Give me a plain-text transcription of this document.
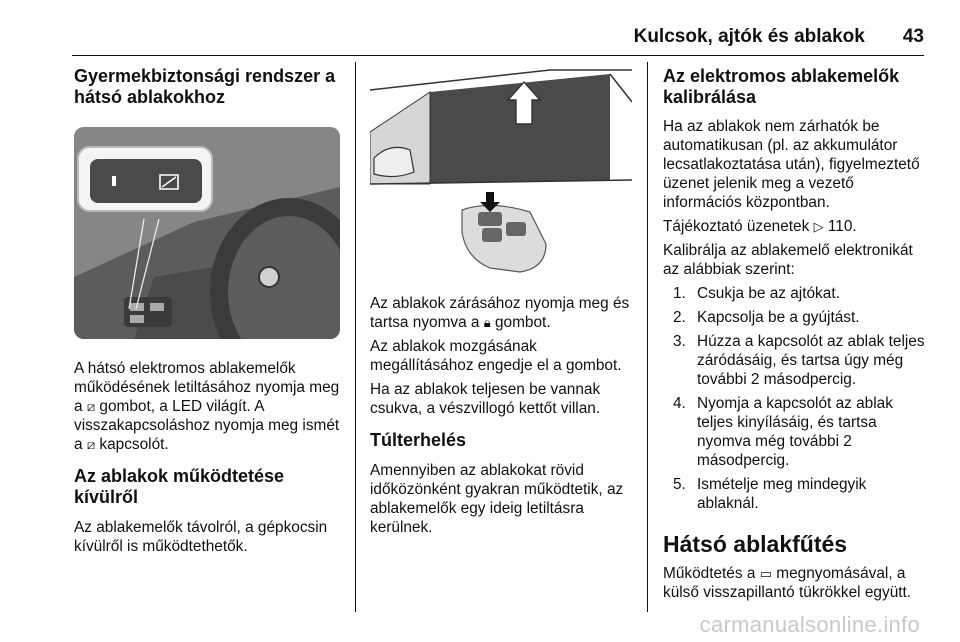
Kulcsok, ajtók és ablakok 43
Gyermekbiztonsági rendszer a hátsó ablakokhoz

A hátsó elektromos ablakemelők működésének letiltásához nyomja meg a ⧄ gombot, a LED világít. A visszakapcsoláshoz nyomja meg ismét a ⧄ kapcsolót.

Az ablakok működtetése kívülről

Az ablakemelők távolról, a gépkocsin kívülről is működtethetők.

Az ablakok zárásához nyomja meg és tartsa nyomva a 🔒︎ gombot.

Az ablakok mozgásának megállításához engedje el a gombot.

Ha az ablakok teljesen be vannak csukva, a vészvillogó kettőt villan.

Túlterhelés

Amennyiben az ablakokat rövid időközönként gyakran működtetik, az ablakemelők egy ideig letiltásra kerülnek.

Az elektromos ablakemelők kalibrálása

Ha az ablakok nem zárhatók be automatikusan (pl. az akkumulátor lecsatlakoztatása után), figyelmeztető üzenet jelenik meg a vezető információs központban.

Tájékoztató üzenetek ▷ 110.

Kalibrálja az ablakemelő elektronikát az alábbiak szerint:

1. Csukja be az ajtókat.
2. Kapcsolja be a gyújtást.
3. Húzza a kapcsolót az ablak teljes záródásáig, és tartsa úgy még további 2 másodpercig.
4. Nyomja a kapcsolót az ablak teljes kinyílásáig, és tartsa nyomva még további 2 másodpercig.
5. Ismételje meg mindegyik ablaknál.
Hátsó ablakfűtés

Működtetés a ▭ megnyomásával, a külső visszapillantó tükrökkel együtt.

carmanualsonline.info
